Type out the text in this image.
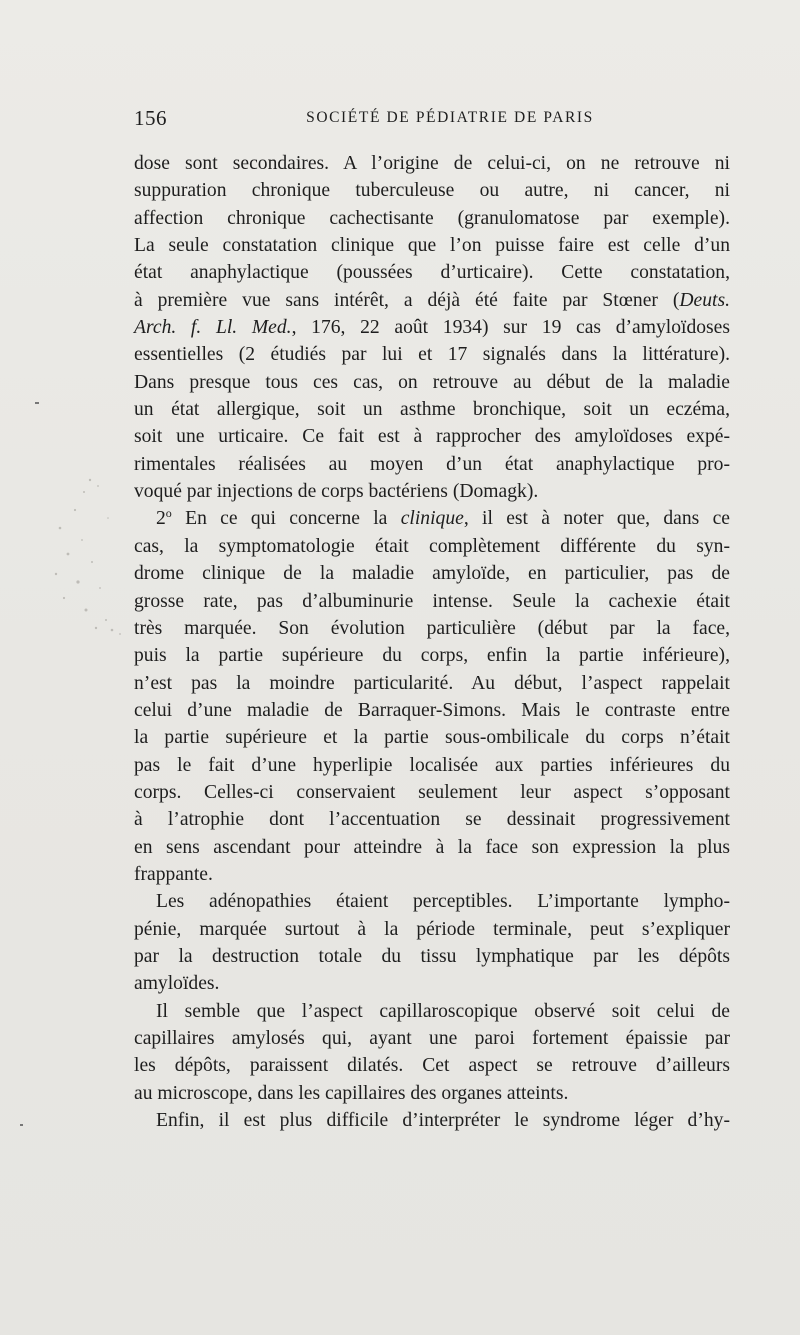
156	SOCIÉTÉ DE PÉDIATRIE DE PARIS
dose sont secondaires. A l’origine de celui-ci, on ne retrouve ni
suppuration chronique tuberculeuse ou autre, ni cancer, ni
affection chronique cachectisante (granulomatose par exemple).
La seule constatation clinique que l’on puisse faire est celle d’un
état anaphylactique (poussées d’urticaire). Cette constatation,
à première vue sans intérêt, a déjà été faite par Stœner (Deuts.
Arch. f. Ll. Med., 176, 22 août 1934) sur 19 cas d’amyloïdoses
essentielles (2 étudiés par lui et 17 signalés dans la littérature).
Dans presque tous ces cas, on retrouve au début de la maladie
un état allergique, soit un asthme bronchique, soit un eczéma,
soit une urticaire. Ce fait est à rapprocher des amyloïdoses expé-
rimentales réalisées au moyen d’un état anaphylactique pro-
voqué par injections de corps bactériens (Domagk).
2$^o$ En ce qui concerne la clinique, il est à noter que, dans ce
cas, la symptomatologie était complètement différente du syn-
drome clinique de la maladie amyloïde, en particulier, pas de
grosse rate, pas d’albuminurie intense. Seule la cachexie était
très marquée. Son évolution particulière (début par la face,
puis la partie supérieure du corps, enfin la partie inférieure),
n’est pas la moindre particularité. Au début, l’aspect rappelait
celui d’une maladie de Barraquer-Simons. Mais le contraste entre
la partie supérieure et la partie sous-ombilicale du corps n’était
pas le fait d’une hyperlipie localisée aux parties inférieures du
corps. Celles-ci conservaient seulement leur aspect s’opposant
à l’atrophie dont l’accentuation se dessinait progressivement
en sens ascendant pour atteindre à la face son expression la plus
frappante.
Les adénopathies étaient perceptibles. L’importante lympho-
pénie, marquée surtout à la période terminale, peut s’expliquer
par la destruction totale du tissu lymphatique par les dépôts
amyloïdes.
Il semble que l’aspect capillaroscopique observé soit celui de
capillaires amylosés qui, ayant une paroi fortement épaissie par
les dépôts, paraissent dilatés. Cet aspect se retrouve d’ailleurs
au microscope, dans les capillaires des organes atteints.
Enfin, il est plus difficile d’interpréter le syndrome léger d’hy-
